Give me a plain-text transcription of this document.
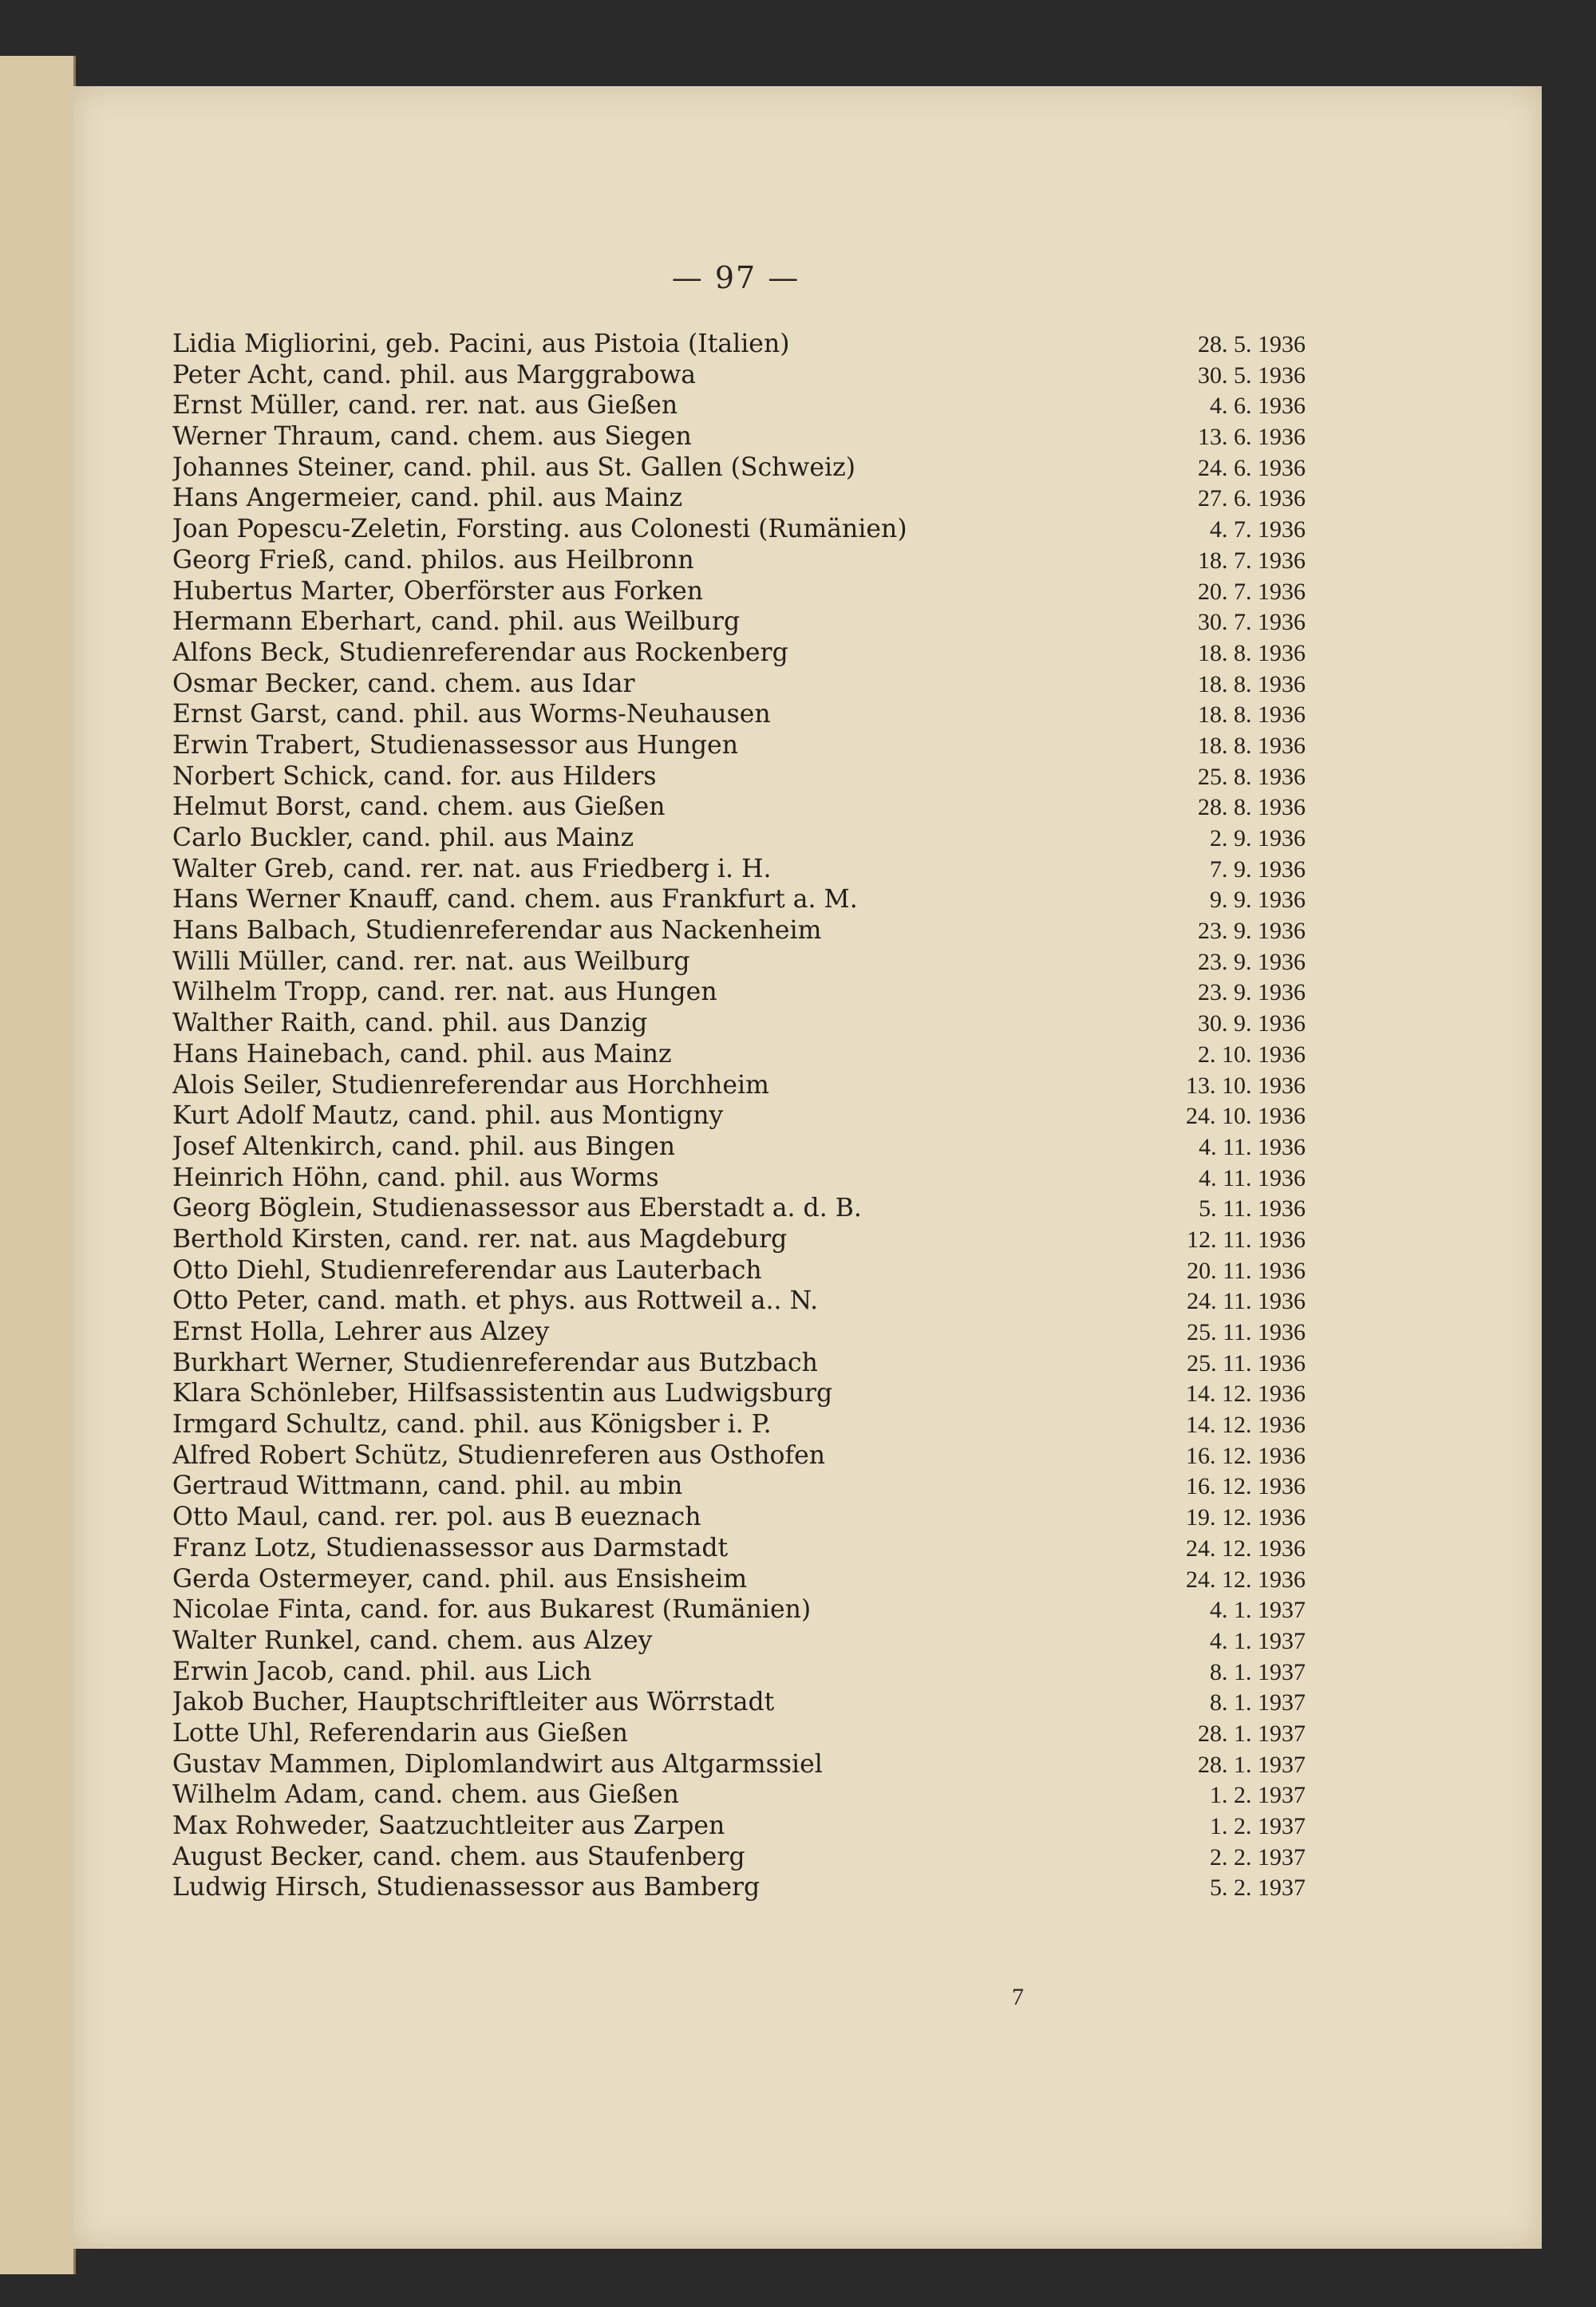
— 97 —
Lidia Migliorini, geb. Pacini, aus Pistoia (Italien)	28. 5. 1936
Peter Acht, cand. phil. aus Marggrabowa	30. 5. 1936
Ernst Müller, cand. rer. nat. aus Gießen	4. 6. 1936
Werner Thraum, cand. chem. aus Siegen	13. 6. 1936
Johannes Steiner, cand. phil. aus St. Gallen (Schweiz)	24. 6. 1936
Hans Angermeier, cand. phil. aus Mainz	27. 6. 1936
Joan Popescu-Zeletin, Forsting. aus Colonesti (Rumänien)	4. 7. 1936
Georg Frieß, cand. philos. aus Heilbronn	18. 7. 1936
Hubertus Marter, Oberförster aus Forken	20. 7. 1936
Hermann Eberhart, cand. phil. aus Weilburg	30. 7. 1936
Alfons Beck, Studienreferendar aus Rockenberg	18. 8. 1936
Osmar Becker, cand. chem. aus Idar	18. 8. 1936
Ernst Garst, cand. phil. aus Worms-Neuhausen	18. 8. 1936
Erwin Trabert, Studienassessor aus Hungen	18. 8. 1936
Norbert Schick, cand. for. aus Hilders	25. 8. 1936
Helmut Borst, cand. chem. aus Gießen	28. 8. 1936
Carlo Buckler, cand. phil. aus Mainz	2. 9. 1936
Walter Greb, cand. rer. nat. aus Friedberg i. H.	7. 9. 1936
Hans Werner Knauff, cand. chem. aus Frankfurt a. M.	9. 9. 1936
Hans Balbach, Studienreferendar aus Nackenheim	23. 9. 1936
Willi Müller, cand. rer. nat. aus Weilburg	23. 9. 1936
Wilhelm Tropp, cand. rer. nat. aus Hungen	23. 9. 1936
Walther Raith, cand. phil. aus Danzig	30. 9. 1936
Hans Hainebach, cand. phil. aus Mainz	2. 10. 1936
Alois Seiler, Studienreferendar aus Horchheim	13. 10. 1936
Kurt Adolf Mautz, cand. phil. aus Montigny	24. 10. 1936
Josef Altenkirch, cand. phil. aus Bingen	4. 11. 1936
Heinrich Höhn, cand. phil. aus Worms	4. 11. 1936
Georg Böglein, Studienassessor aus Eberstadt a. d. B.	5. 11. 1936
Berthold Kirsten, cand. rer. nat. aus Magdeburg	12. 11. 1936
Otto Diehl, Studienreferendar aus Lauterbach	20. 11. 1936
Otto Peter, cand. math. et phys. aus Rottweil a.. N.	24. 11. 1936
Ernst Holla, Lehrer aus Alzey	25. 11. 1936
Burkhart Werner, Studienreferendar aus Butzbach	25. 11. 1936
Klara Schönleber, Hilfsassistentin aus Ludwigsburg	14. 12. 1936
Irmgard Schultz, cand. phil. aus Königsber i. P.	14. 12. 1936
Alfred Robert Schütz, Studienreferen aus Osthofen	16. 12. 1936
Gertraud Wittmann, cand. phil. au mbin	16. 12. 1936
Otto Maul, cand. rer. pol. aus B eueznach	19. 12. 1936
Franz Lotz, Studienassessor aus Darmstadt	24. 12. 1936
Gerda Ostermeyer, cand. phil. aus Ensisheim	24. 12. 1936
Nicolae Finta, cand. for. aus Bukarest (Rumänien)	4. 1. 1937
Walter Runkel, cand. chem. aus Alzey	4. 1. 1937
Erwin Jacob, cand. phil. aus Lich	8. 1. 1937
Jakob Bucher, Hauptschriftleiter aus Wörrstadt	8. 1. 1937
Lotte Uhl, Referendarin aus Gießen	28. 1. 1937
Gustav Mammen, Diplomlandwirt aus Altgarmssiel	28. 1. 1937
Wilhelm Adam, cand. chem. aus Gießen	1. 2. 1937
Max Rohweder, Saatzuchtleiter aus Zarpen	1. 2. 1937
August Becker, cand. chem. aus Staufenberg	2. 2. 1937
Ludwig Hirsch, Studienassessor aus Bamberg	5. 2. 1937
7
